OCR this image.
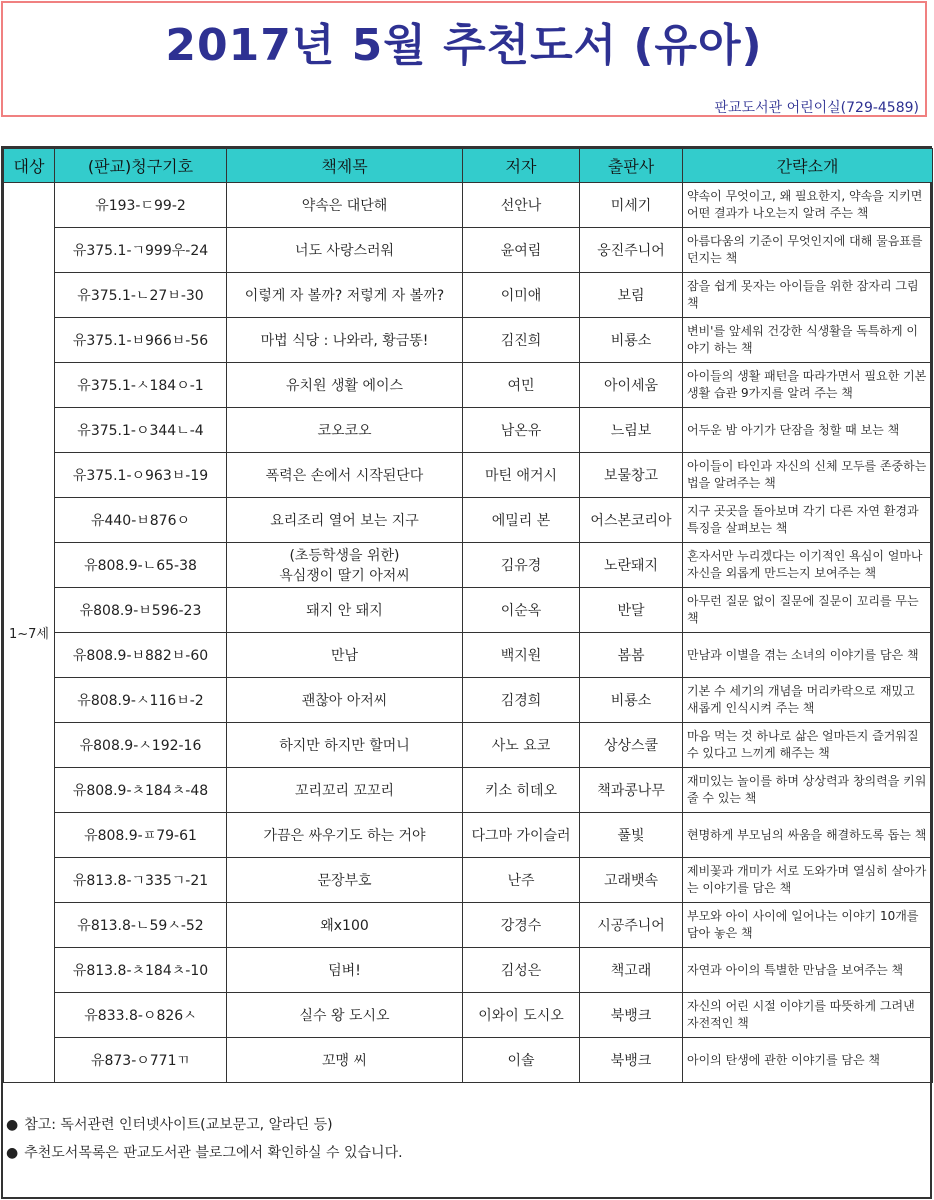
2017년 5월 추천도서 (유아)
판교도서관 어린이실(729-4589)
대상	(판교)청구기호	책제목	저자	출판사	간략소개
1~7세	유193-ㄷ99-2	약속은 대단해	선안나	미세기	약속이 무엇이고, 왜 필요한지, 약속을 지키면 어떤 결과가 나오는지 알려 주는 책
	유375.1-ㄱ999우-24	너도 사랑스러워	윤여림	웅진주니어	아름다움의 기준이 무엇인지에 대해 물음표를 던지는 책
	유375.1-ㄴ27ㅂ-30	이렇게 자 볼까? 저렇게 자 볼까?	이미애	보림	잠을 쉽게 못자는 아이들을 위한 잠자리 그림책
	유375.1-ㅂ966ㅂ-56	마법 식당 : 나와라, 황금똥!	김진희	비룡소	변비'를 앞세워 건강한 식생활을 독특하게 이야기 하는 책
	유375.1-ㅅ184ㅇ-1	유치원 생활 에이스	여민	아이세움	아이들의 생활 패턴을 따라가면서 필요한 기본 생활 습관 9가지를 알려 주는 책
	유375.1-ㅇ344ㄴ-4	코오코오	남온유	느림보	어두운 밤 아기가 단잠을 청할 때 보는 책
	유375.1-ㅇ963ㅂ-19	폭력은 손에서 시작된단다	마틴 애거시	보물창고	아이들이 타인과 자신의 신체 모두를 존중하는 법을 알려주는 책
	유440-ㅂ876ㅇ	요리조리 열어 보는 지구	에밀리 본	어스본코리아	지구 곳곳을 돌아보며 각기 다른 자연 환경과 특징을 살펴보는 책
	유808.9-ㄴ65-38	(초등학생을 위한)
욕심쟁이 딸기 아저씨	김유경	노란돼지	혼자서만 누리겠다는 이기적인 욕심이 얼마나 자신을 외롭게 만드는지 보여주는 책
	유808.9-ㅂ596-23	돼지 안 돼지	이순옥	반달	아무런 질문 없이 질문에 질문이 꼬리를 무는 책
	유808.9-ㅂ882ㅂ-60	만남	백지원	봄봄	만남과 이별을 겪는 소녀의 이야기를 담은 책
	유808.9-ㅅ116ㅂ-2	괜찮아 아저씨	김경희	비룡소	기본 수 세기의 개념을 머리카락으로 재밌고 새롭게 인식시켜 주는 책
	유808.9-ㅅ192-16	하지만 하지만 할머니	사노 요코	상상스쿨	마음 먹는 것 하나로 삶은 얼마든지 즐거워질 수 있다고 느끼게 해주는 책
	유808.9-ㅊ184ㅊ-48	꼬리꼬리 꼬꼬리	키소 히데오	책과콩나무	재미있는 놀이를 하며 상상력과 창의력을 키워 줄 수 있는 책
	유808.9-ㅍ79-61	가끔은 싸우기도 하는 거야	다그마 가이슬러	풀빛	현명하게 부모님의 싸움을 해결하도록 돕는 책
	유813.8-ㄱ335ㄱ-21	문장부호	난주	고래뱃속	제비꽃과 개미가 서로 도와가며 열심히 살아가는 이야기를 담은 책
	유813.8-ㄴ59ㅅ-52	왜x100	강경수	시공주니어	부모와 아이 사이에 일어나는 이야기 10개를 담아 놓은 책
	유813.8-ㅊ184ㅊ-10	덤벼!	김성은	책고래	자연과 아이의 특별한 만남을 보여주는 책
	유833.8-ㅇ826ㅅ	실수 왕 도시오	이와이 도시오	북뱅크	자신의 어린 시절 이야기를 따뜻하게 그려낸 자전적인 책
	유873-ㅇ771ㄲ	꼬맹 씨	이솔	북뱅크	아이의 탄생에 관한 이야기를 담은 책
● 참고: 독서관련 인터넷사이트(교보문고, 알라딘 등)
● 추천도서목록은 판교도서관 블로그에서 확인하실 수 있습니다.
